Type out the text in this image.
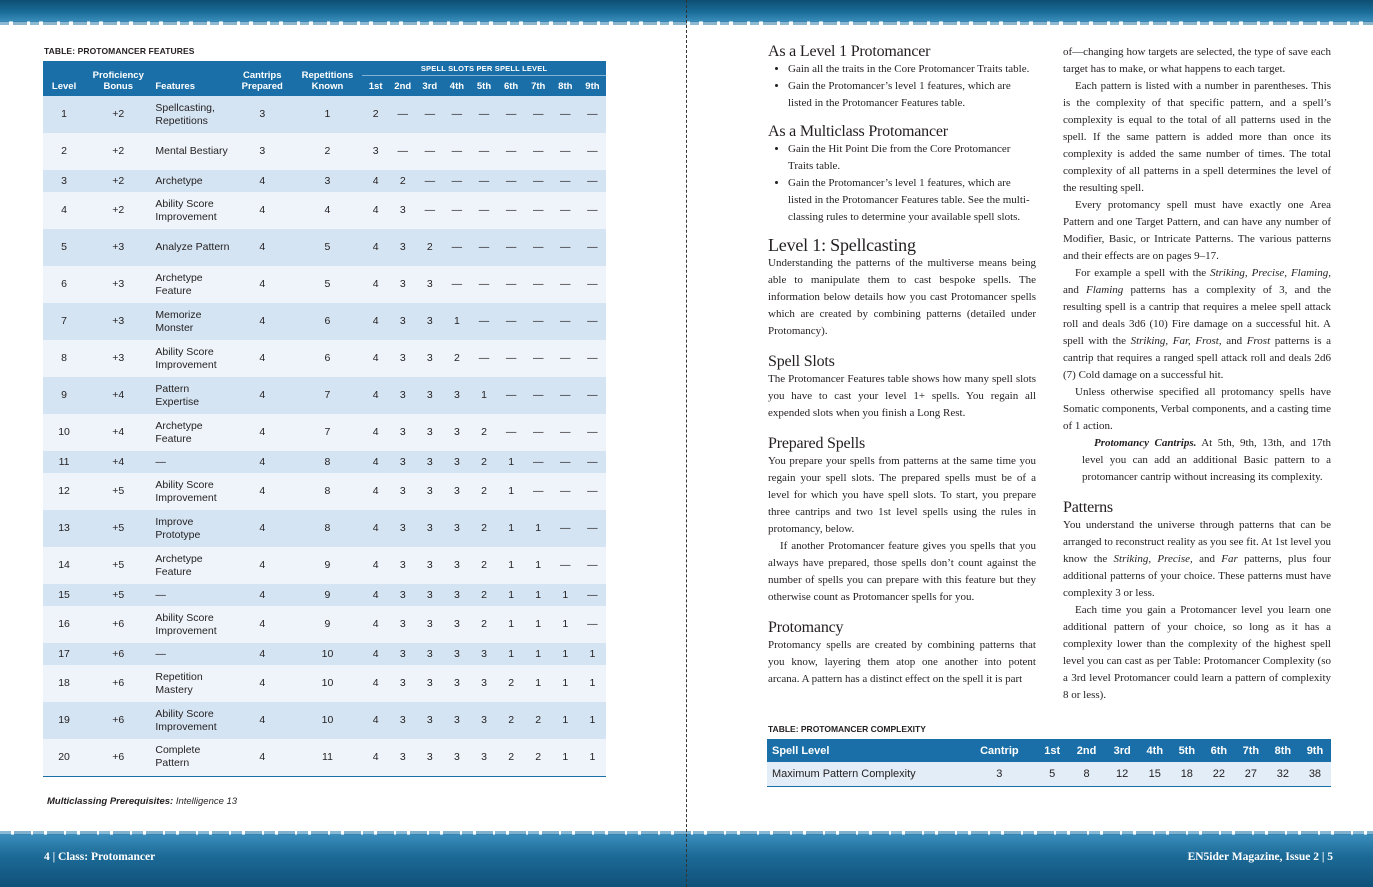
4 | Class: Protomancer	EN5ider Magazine, Issue 2 | 5
TABLE: PROTOMANCER FEATURES
Level	Proficiency Bonus	Features	Cantrips Prepared	Repetitions Known	SPELL SLOTS PER SPELL LEVEL								
					1st	2nd	3rd	4th	5th	6th	7th	8th	9th
1	+2	Spellcasting, Repetitions	3	1	2	—	—	—	—	—	—	—	—
2	+2	Mental Bestiary	3	2	3	—	—	—	—	—	—	—	—
3	+2	Archetype	4	3	4	2	—	—	—	—	—	—	—
4	+2	Ability Score Improvement	4	4	4	3	—	—	—	—	—	—	—
5	+3	Analyze Pattern	4	5	4	3	2	—	—	—	—	—	—
6	+3	Archetype Feature	4	5	4	3	3	—	—	—	—	—	—
7	+3	Memorize Monster	4	6	4	3	3	1	—	—	—	—	—
8	+3	Ability Score Improvement	4	6	4	3	3	2	—	—	—	—	—
9	+4	Pattern Expertise	4	7	4	3	3	3	1	—	—	—	—
10	+4	Archetype Feature	4	7	4	3	3	3	2	—	—	—	—
11	+4	—	4	8	4	3	3	3	2	1	—	—	—
12	+5	Ability Score Improvement	4	8	4	3	3	3	2	1	—	—	—
13	+5	Improve Prototype	4	8	4	3	3	3	2	1	1	—	—
14	+5	Archetype Feature	4	9	4	3	3	3	2	1	1	—	—
15	+5	—	4	9	4	3	3	3	2	1	1	1	—
16	+6	Ability Score Improvement	4	9	4	3	3	3	2	1	1	1	—
17	+6	—	4	10	4	3	3	3	3	1	1	1	1
18	+6	Repetition Mastery	4	10	4	3	3	3	3	2	1	1	1
19	+6	Ability Score Improvement	4	10	4	3	3	3	3	2	2	1	1
20	+6	Complete Pattern	4	11	4	3	3	3	3	2	2	1	1
Multiclassing Prerequisites: Intelligence 13
As a Level 1 Protomancer
• Gain all the traits in the Core Protomancer Traits table.
• Gain the Protomancer’s level 1 features, which are listed in the Protomancer Features table.
As a Multiclass Protomancer
• Gain the Hit Point Die from the Core Protomancer Traits table.
• Gain the Protomancer’s level 1 features, which are listed in the Protomancer Features table. See the multi-classing rules to determine your available spell slots.
Level 1: Spellcasting

Understanding the patterns of the multiverse means being able to manipulate them to cast bespoke spells. The information below details how you cast Protomancer spells which are created by combining patterns (detailed under Protomancy).

Spell Slots

The Protomancer Features table shows how many spell slots you have to cast your level 1+ spells. You regain all expended slots when you finish a Long Rest.

Prepared Spells

You prepare your spells from patterns at the same time you regain your spell slots. The prepared spells must be of a level for which you have spell slots. To start, you prepare three cantrips and two 1st level spells using the rules in protomancy, below.

If another Protomancer feature gives you spells that you always have prepared, those spells don’t count against the number of spells you can prepare with this feature but they otherwise count as Protomancer spells for you.

Protomancy

Protomancy spells are created by combining patterns that you know, layering them atop one another into potent arcana. A pattern has a distinct effect on the spell it is part

of—changing how targets are selected, the type of save each target has to make, or what happens to each target.

Each pattern is listed with a number in parentheses. This is the complexity of that specific pattern, and a spell’s complexity is equal to the total of all patterns used in the spell. If the same pattern is added more than once its complexity is added the same number of times. The total complexity of all patterns in a spell determines the level of the resulting spell.

Every protomancy spell must have exactly one Area Pattern and one Target Pattern, and can have any number of Modifier, Basic, or Intricate Patterns. The various patterns and their effects are on pages 9–17.

For example a spell with the Striking, Precise, Flaming, and Flaming patterns has a complexity of 3, and the resulting spell is a cantrip that requires a melee spell attack roll and deals 3d6 (10) Fire damage on a successful hit. A spell with the Striking, Far, Frost, and Frost patterns is a cantrip that requires a ranged spell attack roll and deals 2d6 (7) Cold damage on a successful hit.

Unless otherwise specified all protomancy spells have Somatic components, Verbal components, and a casting time of 1 action.

Protomancy Cantrips. At 5th, 9th, 13th, and 17th level you can add an additional Basic pattern to a protomancer cantrip without increasing its complexity.

Patterns

You understand the universe through patterns that can be arranged to reconstruct reality as you see fit. At 1st level you know the Striking, Precise, and Far patterns, plus four additional patterns of your choice. These patterns must have complexity 3 or less.

Each time you gain a Protomancer level you learn one additional pattern of your choice, so long as it has a complexity lower than the complexity of the highest spell level you can cast as per Table: Protomancer Complexity (so a 3rd level Protomancer could learn a pattern of complexity 8 or less).

TABLE: PROTOMANCER COMPLEXITY
Spell Level	Cantrip	1st	2nd	3rd	4th	5th	6th	7th	8th	9th
Maximum Pattern Complexity	3	5	8	12	15	18	22	27	32	38
